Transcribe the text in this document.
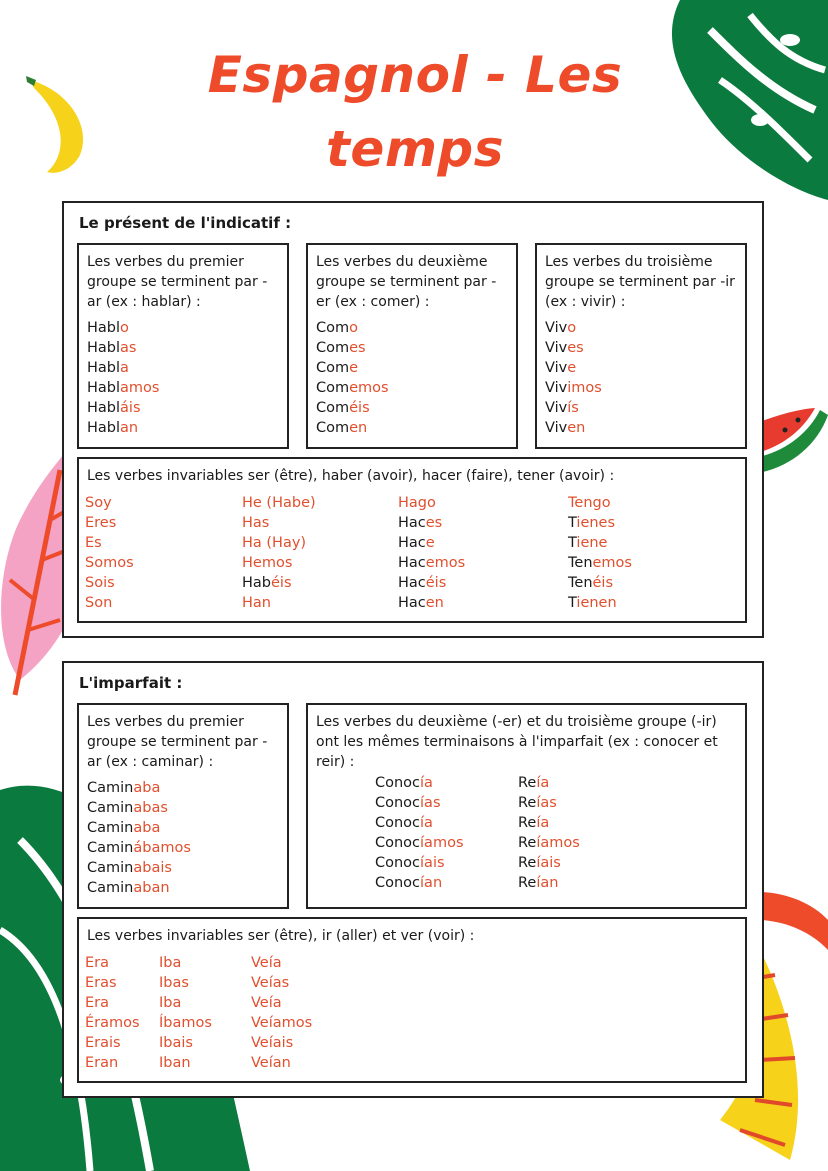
Espagnol - Les
temps
Le présent de l'indicatif :
Les verbes du premier groupe se terminent par -ar (ex : hablar) :
Hablo
Hablas
Habla
Hablamos
Habláis
Hablan
Les verbes du deuxième groupe se terminent par -er (ex : comer) :
Como
Comes
Come
Comemos
Coméis
Comen
Les verbes du troisième groupe se terminent par -ir (ex : vivir) :
Vivo
Vives
Vive
Vivimos
Vivís
Viven
Les verbes invariables ser (être), haber (avoir), hacer (faire), tener (avoir) :
Soy
Eres
Es
Somos
Sois
Son
He (Habe)
Has
Ha (Hay)
Hemos
Habéis
Han
Hago
Haces
Hace
Hacemos
Hacéis
Hacen
Tengo
Tienes
Tiene
Tenemos
Tenéis
Tienen
L'imparfait :
Les verbes du premier groupe se terminent par -ar (ex : caminar) :
Caminaba
Caminabas
Caminaba
Caminábamos
Caminabais
Caminaban
Les verbes du deuxième (-er) et du troisième groupe (-ir) ont les mêmes terminaisons à l'imparfait (ex : conocer et reir) :
Conocía
Conocías
Conocía
Conocíamos
Conocíais
Conocían
Reía
Reías
Reía
Reíamos
Reíais
Reían
Les verbes invariables ser (être), ir (aller) et ver (voir) :
Era
Eras
Era
Éramos
Erais
Eran
Iba
Ibas
Iba
Íbamos
Ibais
Iban
Veía
Veías
Veía
Veíamos
Veíais
Veían
